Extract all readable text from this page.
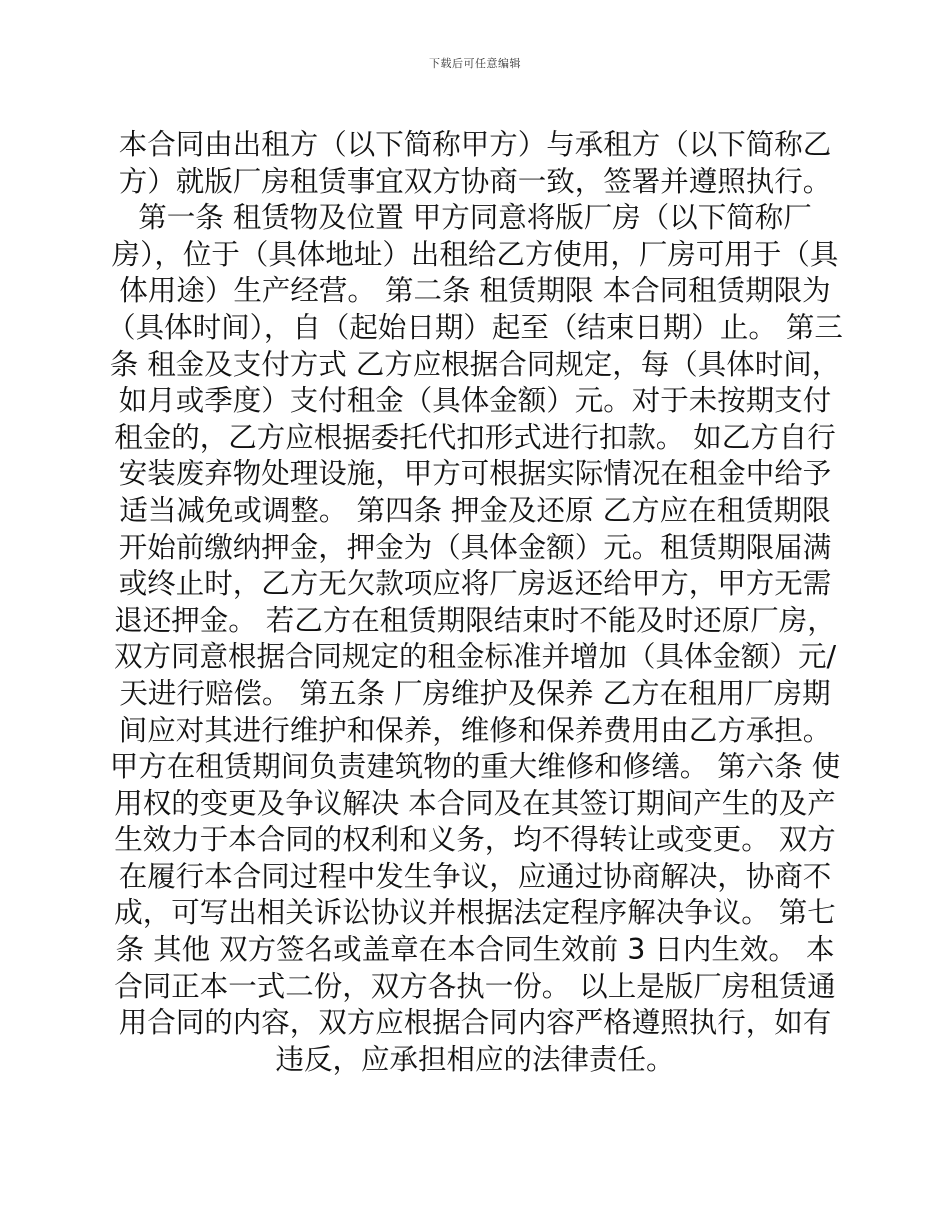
下载后可任意编辑

本合同由出租方（以下简称甲方）与承租方（以下简称乙方）就版厂房租赁事宜双方协商一致，签署并遵照执行。 第一条 租赁物及位置 甲方同意将版厂房（以下简称厂房），位于（具体地址）出租给乙方使用，厂房可用于（具体用途）生产经营。 第二条 租赁期限 本合同租赁期限为（具体时间），自（起始日期）起至（结束日期）止。 第三条 租金及支付方式 乙方应根据合同规定，每（具体时间，如月或季度）支付租金（具体金额）元。对于未按期支付租金的，乙方应根据委托代扣形式进行扣款。 如乙方自行安装废弃物处理设施，甲方可根据实际情况在租金中给予适当减免或调整。 第四条 押金及还原 乙方应在租赁期限开始前缴纳押金，押金为（具体金额）元。租赁期限届满或终止时，乙方无欠款项应将厂房返还给甲方，甲方无需退还押金。 若乙方在租赁期限结束时不能及时还原厂房，双方同意根据合同规定的租金标准并增加（具体金额）元/天进行赔偿。 第五条 厂房维护及保养 乙方在租用厂房期间应对其进行维护和保养，维修和保养费用由乙方承担。 甲方在租赁期间负责建筑物的重大维修和修缮。 第六条 使用权的变更及争议解决 本合同及在其签订期间产生的及产生效力于本合同的权利和义务，均不得转让或变更。 双方在履行本合同过程中发生争议，应通过协商解决，协商不成，可写出相关诉讼协议并根据法定程序解决争议。 第七条 其他 双方签名或盖章在本合同生效前 3 日内生效。 本合同正本一式二份，双方各执一份。 以上是版厂房租赁通用合同的内容，双方应根据合同内容严格遵照执行，如有违反，应承担相应的法律责任。
